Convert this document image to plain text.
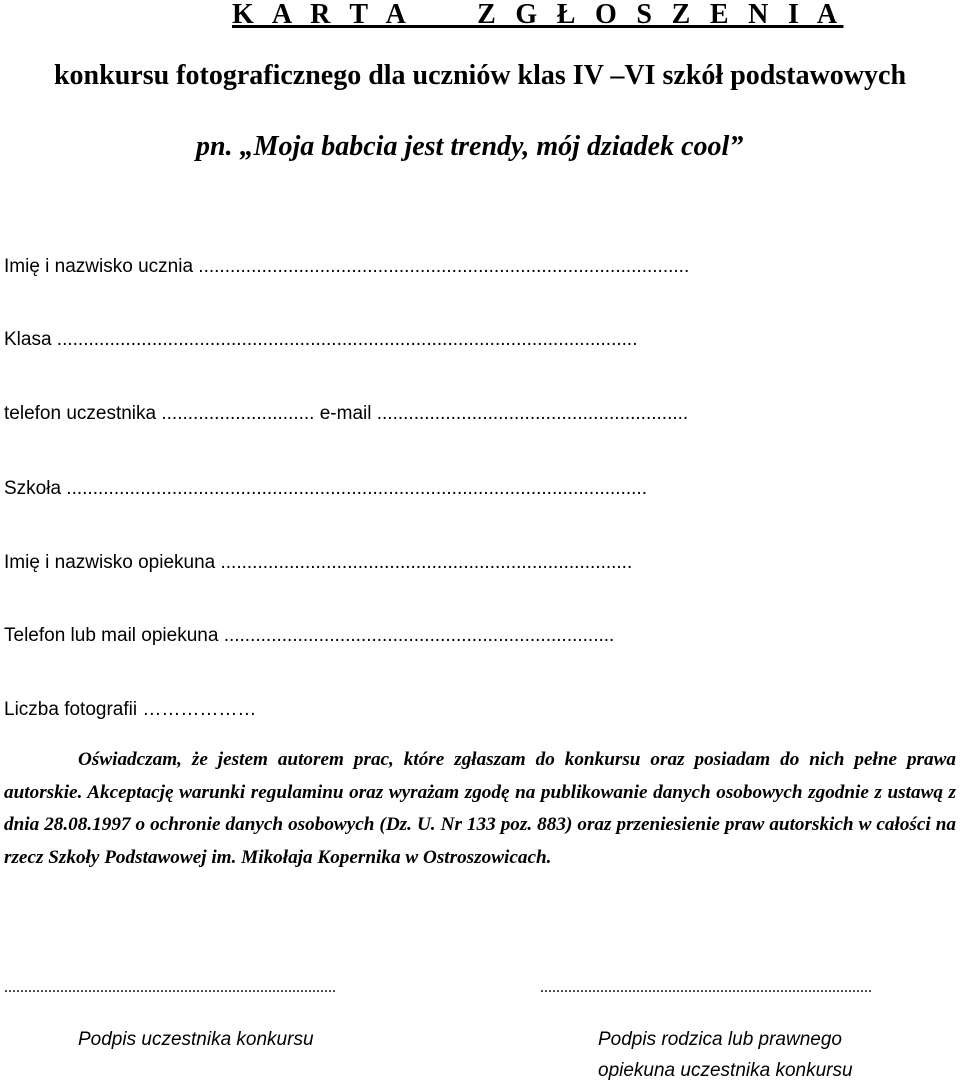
K A R T A     Z G Ł O S Z E N I A
konkursu fotograficznego dla uczniów klas IV –VI szkół podstawowych
pn. „Moja babcia jest trendy, mój dziadek cool”
Imię i nazwisko ucznia .............................................................................................
Klasa ..............................................................................................................
telefon uczestnika ............................. e-mail ...........................................................
Szkoła ..............................................................................................................
Imię i nazwisko opiekuna ..............................................................................
Telefon lub mail opiekuna ..........................................................................
Liczba fotografii ………………
Oświadczam, że jestem autorem prac, które zgłaszam do konkursu oraz posiadam do nich pełne prawa autorskie. Akceptację warunki regulaminu oraz wyrażam zgodę na publikowanie danych osobowych zgodnie z ustawą z dnia 28.08.1997 o ochronie danych osobowych (Dz. U. Nr 133 poz. 883) oraz przeniesienie praw autorskich w całości na rzecz Szkoły Podstawowej im. Mikołaja Kopernika w Ostroszowicach.
...................................................................................
Podpis uczestnika konkursu
...................................................................................
Podpis rodzica lub prawnego opiekuna uczestnika konkursu
